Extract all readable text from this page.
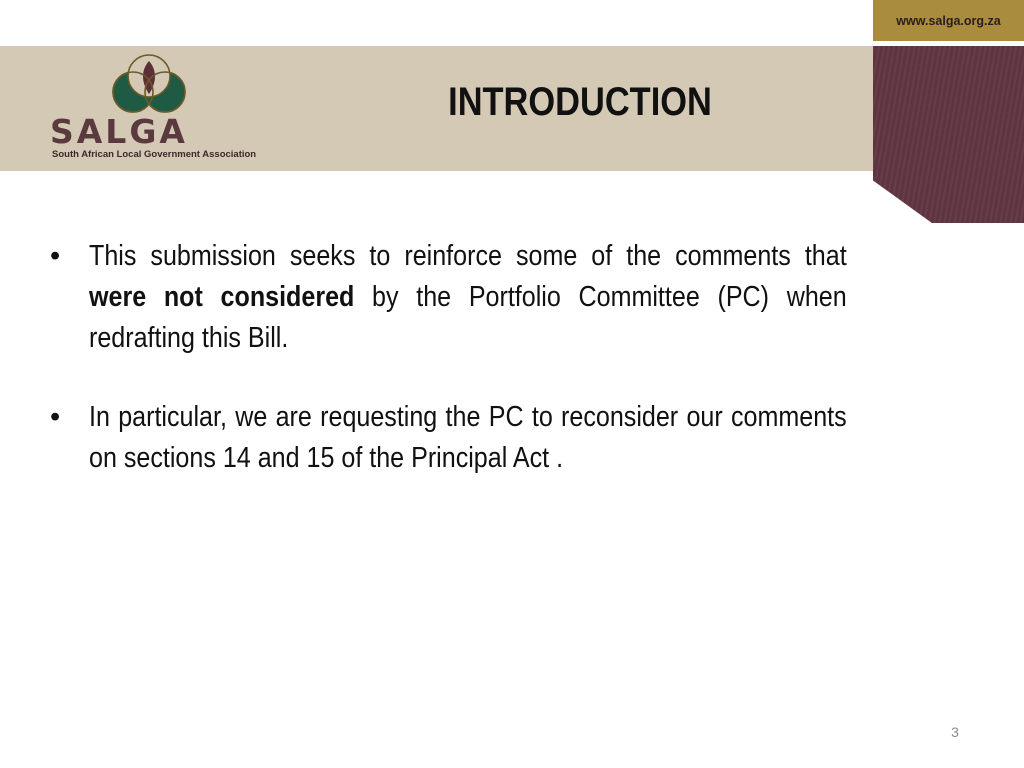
www.salga.org.za
SALGA
South African Local Government Association
INTRODUCTION
•	This submission seeks to reinforce some of the comments that were not considered by the Portfolio Committee (PC) when redrafting this Bill.
•	In particular, we are requesting the PC to reconsider our comments on sections 14 and 15 of the Principal Act .
3
